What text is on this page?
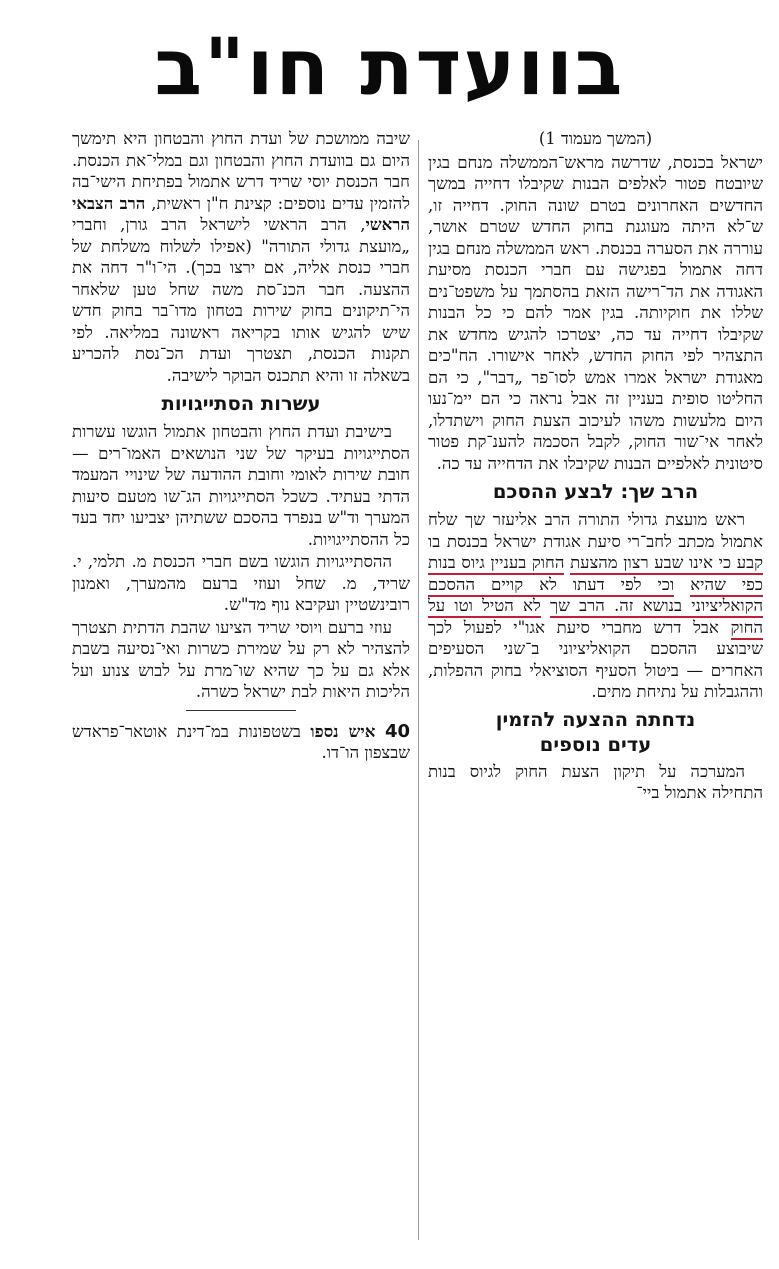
בוועדת חו"ב
(המשך מעמוד 1)

ישראל בכנסת, שדרשה מראש־הממשלה מנחם בגין שיובטח פטור לאלפים הבנות שקיבלו דחייה במשך החדשים האחרונים בטרם שונה החוק. דחייה זו, ש־לא היתה מעוגנת בחוק החדש שטרם אושר, עוררה את הסערה בכנסת. ראש הממשלה מנחם בגין דחה אתמול בפגישה עם חברי הכנסת מסיעת האגודה את הד־רישה הזאת בהסתמך על משפט־נים שללו את חוקיותה. בגין אמר להם כי כל הבנות שקיבלו דחייה עד כה, יצטרכו להגיש מחדש את התצהיר לפי החוק החדש, לאחר אישורו. הח"כים מאגודת ישראל אמרו אמש לסו־פר „דבר", כי הם החליטו סופית בעניין זה אבל נראה כי הם יימ־נעו היום מלעשות משהו לעיכוב הצעת החוק וישתדלו, לאחר אי־שור החוק, לקבל הסכמה להענ־קת פטור סיטונית לאלפיים הבנות שקיבלו את הדחייה עד כה.

הרב שך: לבצע ההסכם

ראש מועצת גדולי התורה הרב אליעזר שך שלח אתמול מכתב לחב־רי סיעת אגודת ישראל בכנסת בו קבע כי אינו שבע רצון מהצעת החוק בעניין גיוס בנות כפי שהיא וכי לפי דעתו לא קויים ההסכם הקואליציוני בנושא זה. הרב שך לא הטיל וטו על החוק אבל דרש מחברי סיעת אגו"י לפעול לכך שיבוצע ההסכם הקואליציוני ב־שני הסעיפים האחרים — ביטול הסעיף הסוציאלי בחוק ההפלות, וההגבלות על נתיחת מתים.

נדחתה ההצעה להזמין
עדים נוספים

המערכה על תיקון הצעת החוק לגיוס בנות התחילה אתמול ביי־

שיבה ממושכת של ועדת החוץ והבטחון היא תימשך היום גם בוועדת החוץ והבטחון וגם במלי־את הכנסת. חבר הכנסת יוסי שריד דרש אתמול בפתיחת הישי־בה להזמין עדים נוספים: קצינת ח"ן ראשית, הרב הצבאי הראשי, הרב הראשי לישראל הרב גורן, וחברי „מועצת גדולי התורה" (אפילו לשלוח משלחת של חברי כנסת אליה, אם ירצו בכך). הי־ו"ר דחה את ההצעה. חבר הכנ־סת משה שחל טען שלאחר הי־תיקונים בחוק שירות בטחון מדו־בר בחוק חדש שיש להגיש אותו בקריאה ראשונה במליאה. לפי תקנות הכנסת, תצטרך ועדת הכ־נסת להכריע בשאלה זו והיא תתכנס הבוקר לישיבה.

עשרות הסתייגויות

בישיבת ועדת החוץ והבטחון אתמול הוגשו עשרות הסתייגויות בעיקר של שני הנושאים האמו־רים — חובת שירות לאומי וחובת ההודעה של שינויי המעמד הדתי בעתיד. כשכל הסתייגויות הג־שו מטעם סיעות המערך וד"ש בנפרד בהסכם ששתיהן יצביעו יחד בעד כל ההסתייגויות.

ההסתייגויות הוגשו בשם חברי הכנסת מ. תלמי, י. שריד, מ. שחל ועוזי ברעם מהמערך, ואמנון רובינשטיין ועקיבא נוף מד"ש.

עוזי ברעם ויוסי שריד הציעו שהבת הדתית תצטרך להצהיר לא רק על שמירת כשרות ואי־נסיעה בשבת אלא גם על כך שהיא שו־מרת על לבוש צנוע ועל הליכות היאות לבת ישראל כשרה.

40 איש נספו בשטפונות במ־דינת אוטאר־פראדש שבצפון הו־דו.
